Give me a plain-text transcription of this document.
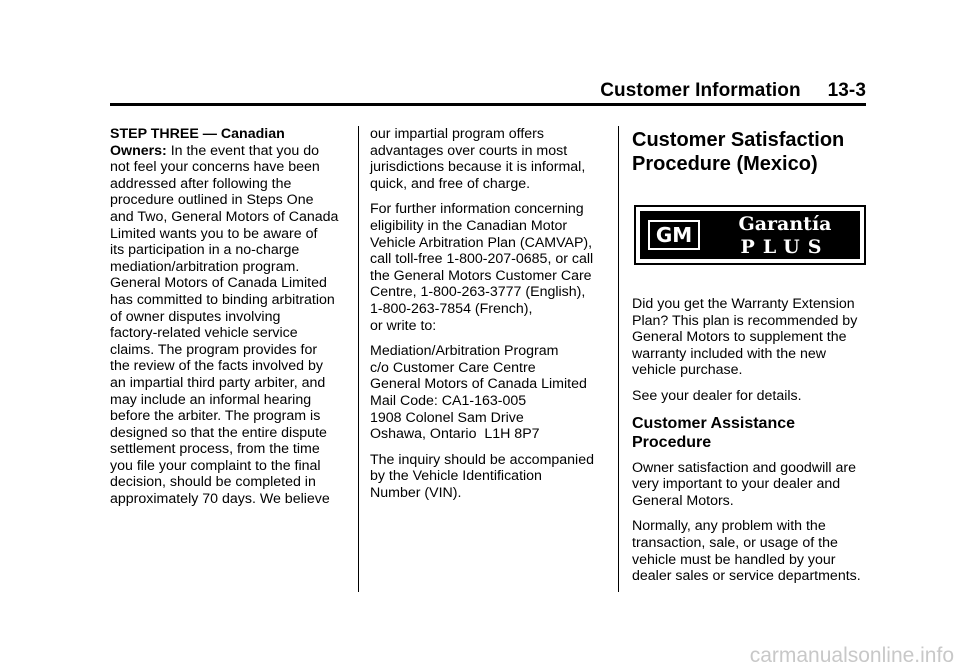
Customer Information     13-3

STEP THREE — Canadian
Owners: In the event that you do
not feel your concerns have been
addressed after following the
procedure outlined in Steps One
and Two, General Motors of Canada
Limited wants you to be aware of
its participation in a no-charge
mediation/arbitration program.
General Motors of Canada Limited
has committed to binding arbitration
of owner disputes involving
factory-related vehicle service
claims. The program provides for
the review of the facts involved by
an impartial third party arbiter, and
may include an informal hearing
before the arbiter. The program is
designed so that the entire dispute
settlement process, from the time
you file your complaint to the final
decision, should be completed in
approximately 70 days. We believe

our impartial program offers
advantages over courts in most
jurisdictions because it is informal,
quick, and free of charge.

For further information concerning
eligibility in the Canadian Motor
Vehicle Arbitration Plan (CAMVAP),
call toll-free 1-800-207-0685, or call
the General Motors Customer Care
Centre, 1-800-263-3777 (English),
1-800-263-7854 (French),
or write to:

Mediation/Arbitration Program
c/o Customer Care Centre
General Motors of Canada Limited
Mail Code: CA1-163-005
1908 Colonel Sam Drive
Oshawa, Ontario  L1H 8P7

The inquiry should be accompanied
by the Vehicle Identification
Number (VIN).

Customer Satisfaction
Procedure (Mexico)
GM	Garantía
PLUS

Did you get the Warranty Extension
Plan? This plan is recommended by
General Motors to supplement the
warranty included with the new
vehicle purchase.

See your dealer for details.

Customer Assistance
Procedure

Owner satisfaction and goodwill are
very important to your dealer and
General Motors.

Normally, any problem with the
transaction, sale, or usage of the
vehicle must be handled by your
dealer sales or service departments.

carmanualsonline.info
